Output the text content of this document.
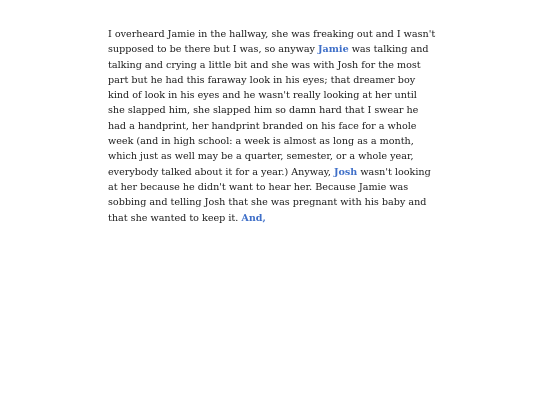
I overheard Jamie in the hallway, she was freaking out and I wasn't supposed to be there but I was, so anyway Jamie was talking and talking and crying a little bit and she was with Josh for the most part but he had this faraway look in his eyes; that dreamer boy kind of look in his eyes and he wasn't really looking at her until she slapped him, she slapped him so damn hard that I swear he had a handprint, her handprint branded on his face for a whole week (and in high school: a week is almost as long as a month, which just as well may be a quarter, semester, or a whole year, everybody talked about it for a year.) Anyway, Josh wasn't looking at her because he didn't want to hear her. Because Jamie was sobbing and telling Josh that she was pregnant with his baby and that she wanted to keep it. And,
